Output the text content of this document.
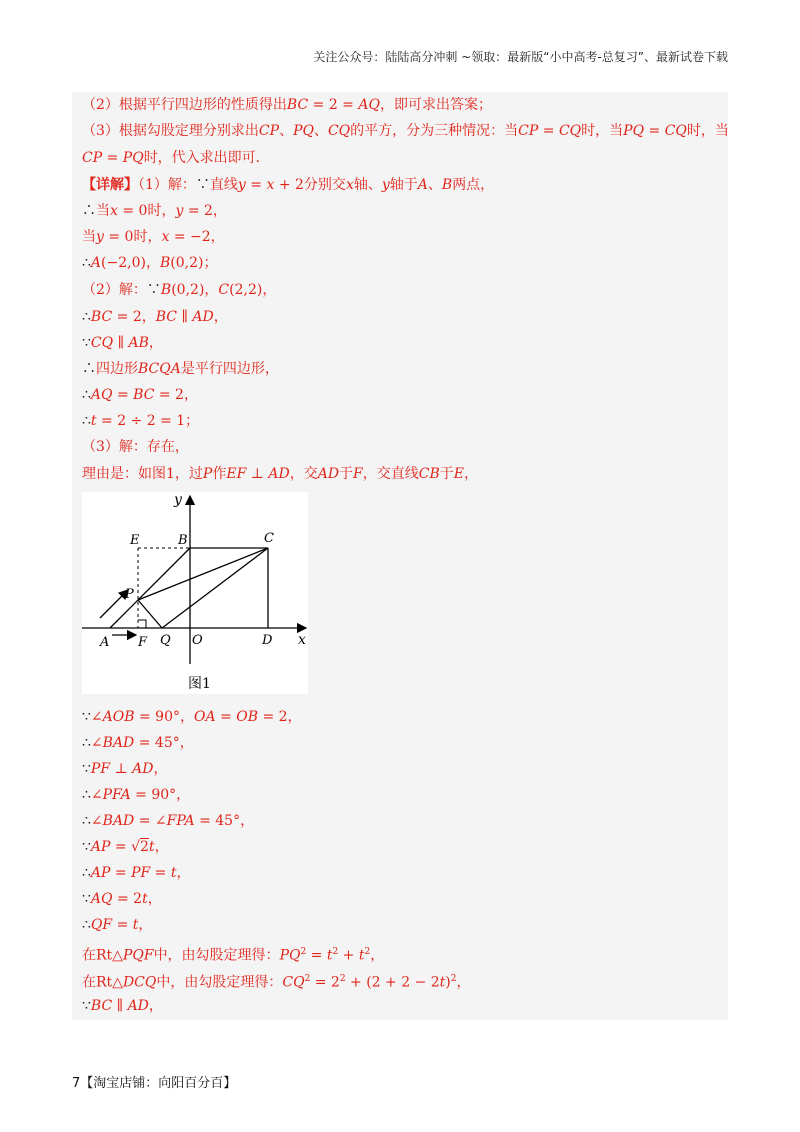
关注公众号：陆陆高分冲刺 ~领取：最新版“小中高考-总复习”、最新试卷下载
（2）根据平行四边形的性质得出BC = 2 = AQ，即可求出答案；
（3）根据勾股定理分别求出CP、PQ、CQ的平方，分为三种情况：当CP = CQ时，当PQ = CQ时，当
CP = PQ时，代入求出即可．
【详解】（1）解：∵直线y = x + 2分别交x轴、y轴于A、B两点，
∴当x = 0时，y = 2，
当y = 0时，x = −2，
∴A(−2,0)，B(0,2)；
（2）解：∵B(0,2)，C(2,2)，
∴BC = 2，BC ∥ AD，
∵CQ ∥ AB，
∴四边形BCQA是平行四边形，
∴AQ = BC = 2，
∴t = 2 ÷ 2 = 1；
（3）解：存在，
理由是：如图1，过P作EF ⊥ AD，交AD于F，交直线CB于E，
y
x
E	B	C
P
A F Q O	D
图1
∵∠AOB = 90°，OA = OB = 2，
∴∠BAD = 45°，
∵PF ⊥ AD，
∴∠PFA = 90°，
∴∠BAD = ∠FPA = 45°，
∵AP = √2t，
∴AP = PF = t，
∵AQ = 2t，
∴QF = t，
在Rt△PQF中，由勾股定理得：$PQ^2 = t^2 + t^2$，
在Rt△DCQ中，由勾股定理得：$CQ^2 = 2^2 + (2 + 2 - 2t)^2$，
∵BC ∥ AD，
7【淘宝店铺：向阳百分百】
